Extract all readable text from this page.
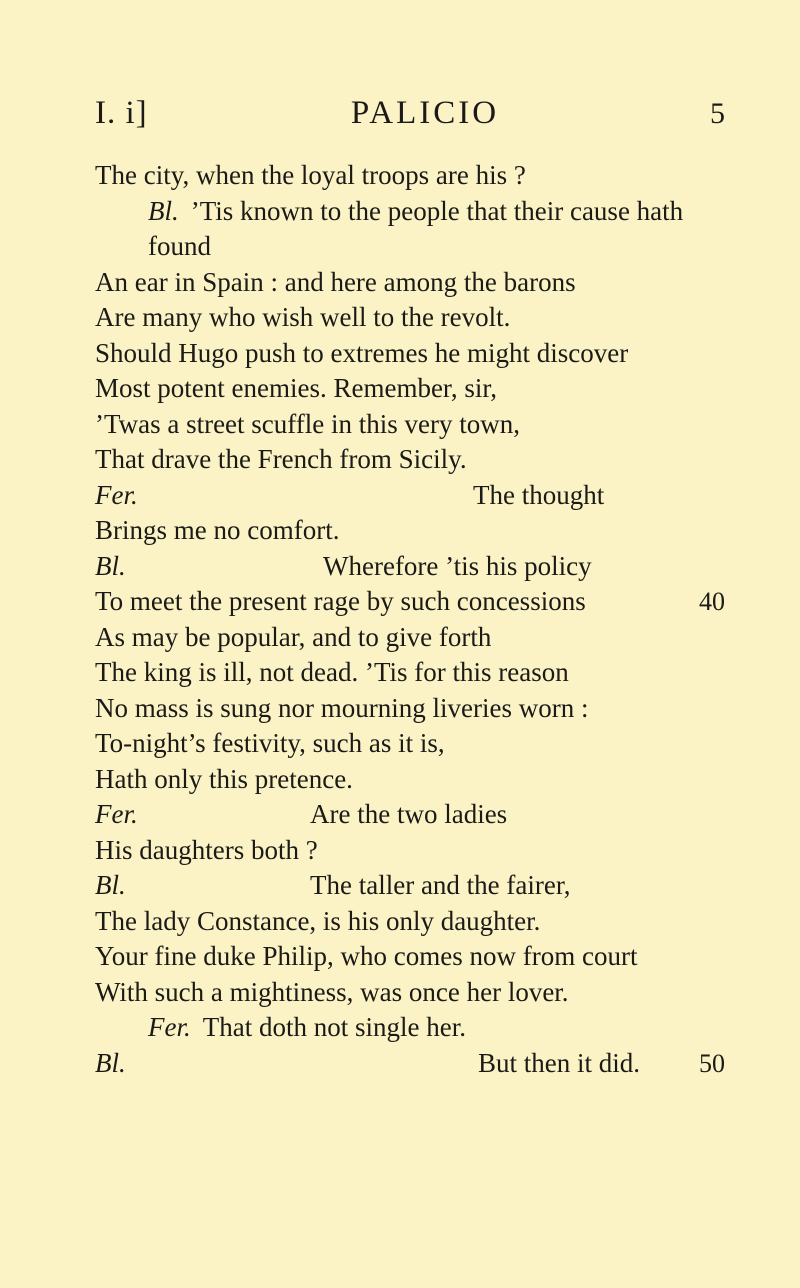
I. i]	PALICIO	5
The city, when the loyal troops are his ?
Bl. ’Tis known to the people that their cause hath
found
An ear in Spain : and here among the barons
Are many who wish well to the revolt.
Should Hugo push to extremes he might discover
Most potent enemies. Remember, sir,
’Twas a street scuffle in this very town,
That drave the French from Sicily.
Fer.	The thought
Brings me no comfort.
Bl.	Wherefore ’tis his policy
To meet the present rage by such concessions	40
As may be popular, and to give forth
The king is ill, not dead. ’Tis for this reason
No mass is sung nor mourning liveries worn :
To-night’s festivity, such as it is,
Hath only this pretence.
Fer.	Are the two ladies
His daughters both ?
Bl.	The taller and the fairer,
The lady Constance, is his only daughter.
Your fine duke Philip, who comes now from court
With such a mightiness, was once her lover.
Fer. That doth not single her.
Bl.	But then it did. 50
